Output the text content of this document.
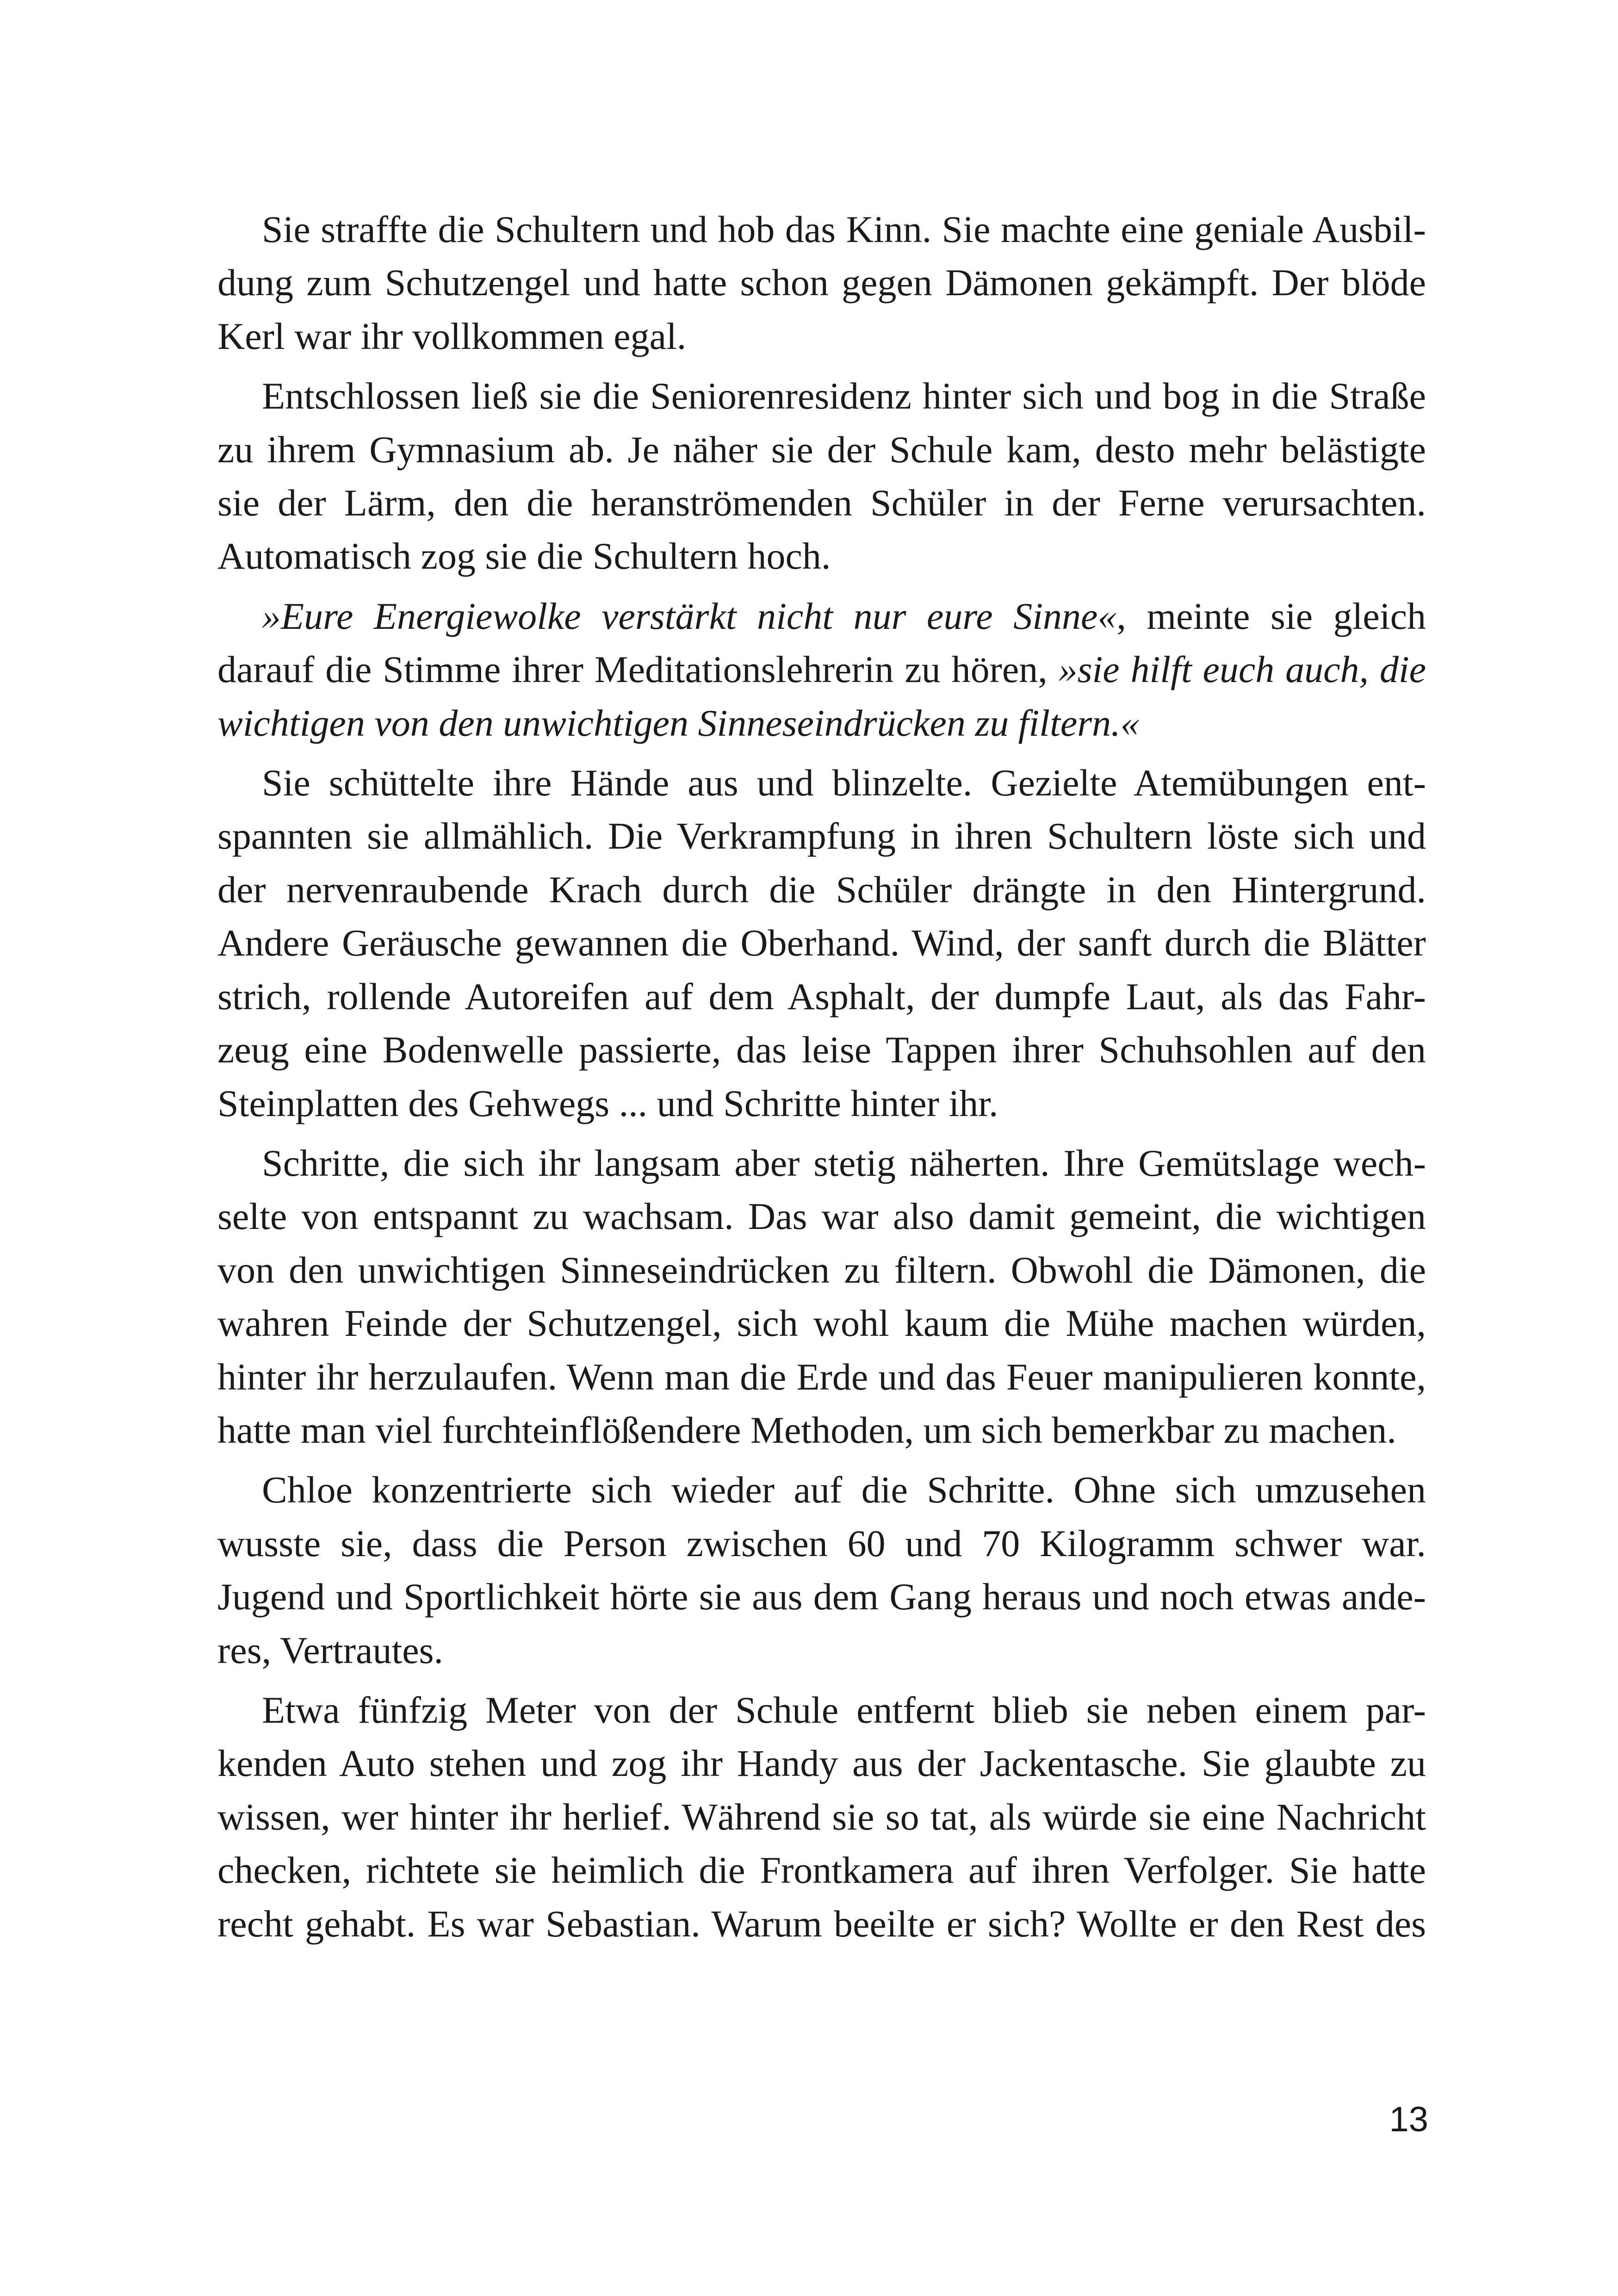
Sie straffte die Schultern und hob das Kinn. Sie machte eine geniale Ausbil-
dung zum Schutzengel und hatte schon gegen Dämonen gekämpft. Der blöde
Kerl war ihr vollkommen egal.
Entschlossen ließ sie die Seniorenresidenz hinter sich und bog in die Straße
zu ihrem Gymnasium ab. Je näher sie der Schule kam, desto mehr belästigte
sie der Lärm, den die heranströmenden Schüler in der Ferne verursachten.
Automatisch zog sie die Schultern hoch.
»Eure Energiewolke verstärkt nicht nur eure Sinne«, meinte sie gleich
darauf die Stimme ihrer Meditationslehrerin zu hören, »sie hilft euch auch, die
wichtigen von den unwichtigen Sinneseindrücken zu filtern.«
Sie schüttelte ihre Hände aus und blinzelte. Gezielte Atemübungen ent-
spannten sie allmählich. Die Verkrampfung in ihren Schultern löste sich und
der nervenraubende Krach durch die Schüler drängte in den Hintergrund.
Andere Geräusche gewannen die Oberhand. Wind, der sanft durch die Blätter
strich, rollende Autoreifen auf dem Asphalt, der dumpfe Laut, als das Fahr-
zeug eine Bodenwelle passierte, das leise Tappen ihrer Schuhsohlen auf den
Steinplatten des Gehwegs ... und Schritte hinter ihr.
Schritte, die sich ihr langsam aber stetig näherten. Ihre Gemütslage wech-
selte von entspannt zu wachsam. Das war also damit gemeint, die wichtigen
von den unwichtigen Sinneseindrücken zu filtern. Obwohl die Dämonen, die
wahren Feinde der Schutzengel, sich wohl kaum die Mühe machen würden,
hinter ihr herzulaufen. Wenn man die Erde und das Feuer manipulieren konnte,
hatte man viel furchteinflößendere Methoden, um sich bemerkbar zu machen.
Chloe konzentrierte sich wieder auf die Schritte. Ohne sich umzusehen
wusste sie, dass die Person zwischen 60 und 70 Kilogramm schwer war.
Jugend und Sportlichkeit hörte sie aus dem Gang heraus und noch etwas ande-
res, Vertrautes.
Etwa fünfzig Meter von der Schule entfernt blieb sie neben einem par-
kenden Auto stehen und zog ihr Handy aus der Jackentasche. Sie glaubte zu
wissen, wer hinter ihr herlief. Während sie so tat, als würde sie eine Nachricht
checken, richtete sie heimlich die Frontkamera auf ihren Verfolger. Sie hatte
recht gehabt. Es war Sebastian. Warum beeilte er sich? Wollte er den Rest des
13
